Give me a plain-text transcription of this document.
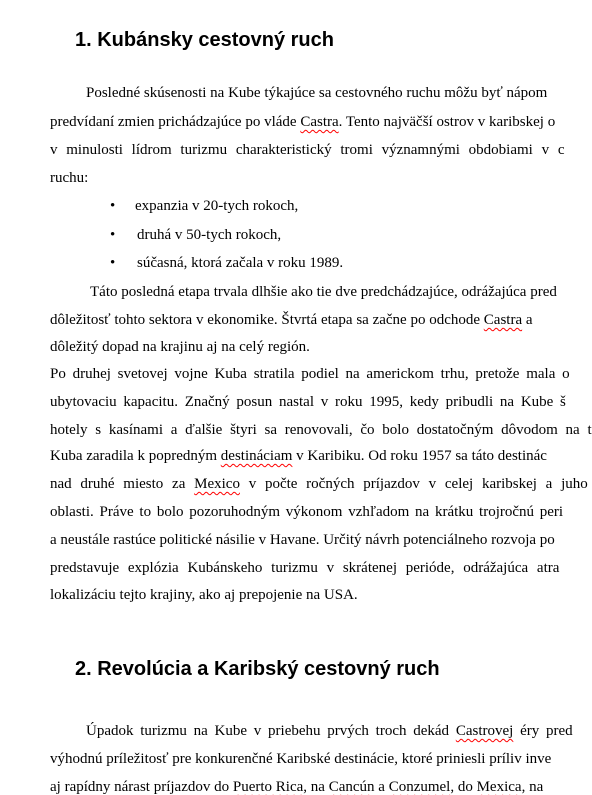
1. Kubánsky cestovný ruch
Posledné skúsenosti na Kube týkajúce sa cestovného ruchu môžu byť nápom
predvídaní zmien prichádzajúce po vláde Castra. Tento najväčší ostrov v karibskej o
v minulosti lídrom turizmu charakteristický tromi významnými obdobiami v c
ruchu:
• expanzia v 20-tych rokoch,
• druhá v 50-tych rokoch,
• súčasná, ktorá začala v roku 1989.
Táto posledná etapa trvala dlhšie ako tie dve predchádzajúce, odrážajúca pred
dôležitosť tohto sektora v ekonomike. Štvrtá etapa sa začne po odchode Castra a
dôležitý dopad na krajinu aj na celý región.
Po druhej svetovej vojne Kuba stratila podiel na americkom trhu, pretože mala o
ubytovaciu kapacitu. Značný posun nastal v roku 1995, kedy pribudli na Kube š
hotely s kasínami a ďalšie štyri sa renovovali, čo bolo dostatočným dôvodom na t
Kuba zaradila k popredným destináciam v Karibiku. Od roku 1957 sa táto destinác
nad druhé miesto za Mexico v počte ročných príjazdov v celej karibskej a juho
oblasti. Práve to bolo pozoruhodným výkonom vzhľadom na krátku trojročnú peri
a neustále rastúce politické násilie v Havane. Určitý návrh potenciálneho rozvoja po
predstavuje explózia Kubánskeho turizmu v skrátenej perióde, odrážajúca atra
lokalizáciu tejto krajiny, ako aj prepojenie na USA.
2. Revolúcia a Karibský cestovný ruch
Úpadok turizmu na Kube v priebehu prvých troch dekád Castrovej éry pred
výhodnú príležitosť pre konkurenčné Karibské destinácie, ktoré priniesli príliv inve
aj rapídny nárast príjazdov do Puerto Rica, na Cancún a Conzumel, do Mexica, na
